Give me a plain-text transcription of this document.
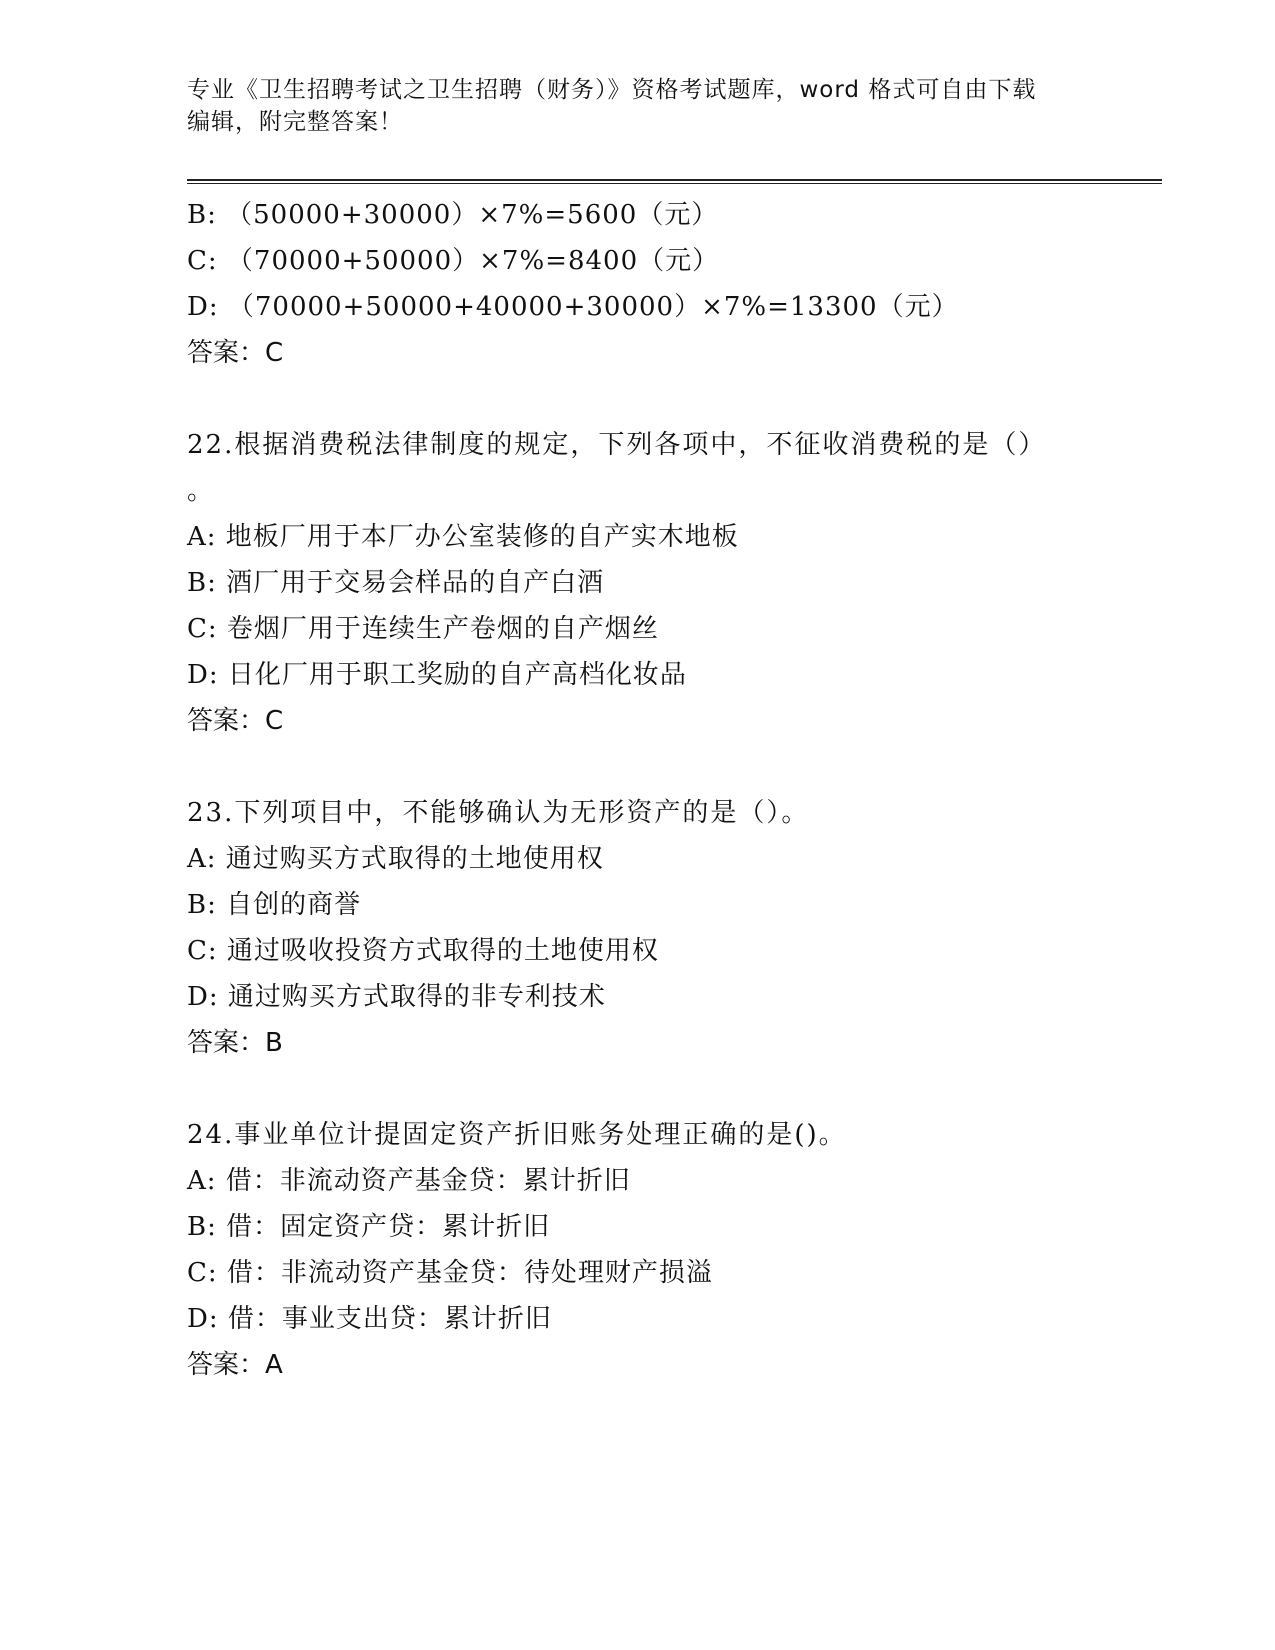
专业《卫生招聘考试之卫生招聘（财务）》资格考试题库，word 格式可自由下载
编辑，附完整答案！
B: （50000+30000）×7%=5600（元）
C: （70000+50000）×7%=8400（元）
D: （70000+50000+40000+30000）×7%=13300（元）
答案：C
22.根据消费税法律制度的规定，下列各项中，不征收消费税的是（）
。
A: 地板厂用于本厂办公室装修的自产实木地板
B: 酒厂用于交易会样品的自产白酒
C: 卷烟厂用于连续生产卷烟的自产烟丝
D: 日化厂用于职工奖励的自产高档化妆品
答案：C
23.下列项目中，不能够确认为无形资产的是（）。
A: 通过购买方式取得的土地使用权
B: 自创的商誉
C: 通过吸收投资方式取得的土地使用权
D: 通过购买方式取得的非专利技术
答案：B
24.事业单位计提固定资产折旧账务处理正确的是()。
A: 借：非流动资产基金贷：累计折旧
B: 借：固定资产贷：累计折旧
C: 借：非流动资产基金贷：待处理财产损溢
D: 借：事业支出贷：累计折旧
答案：A
